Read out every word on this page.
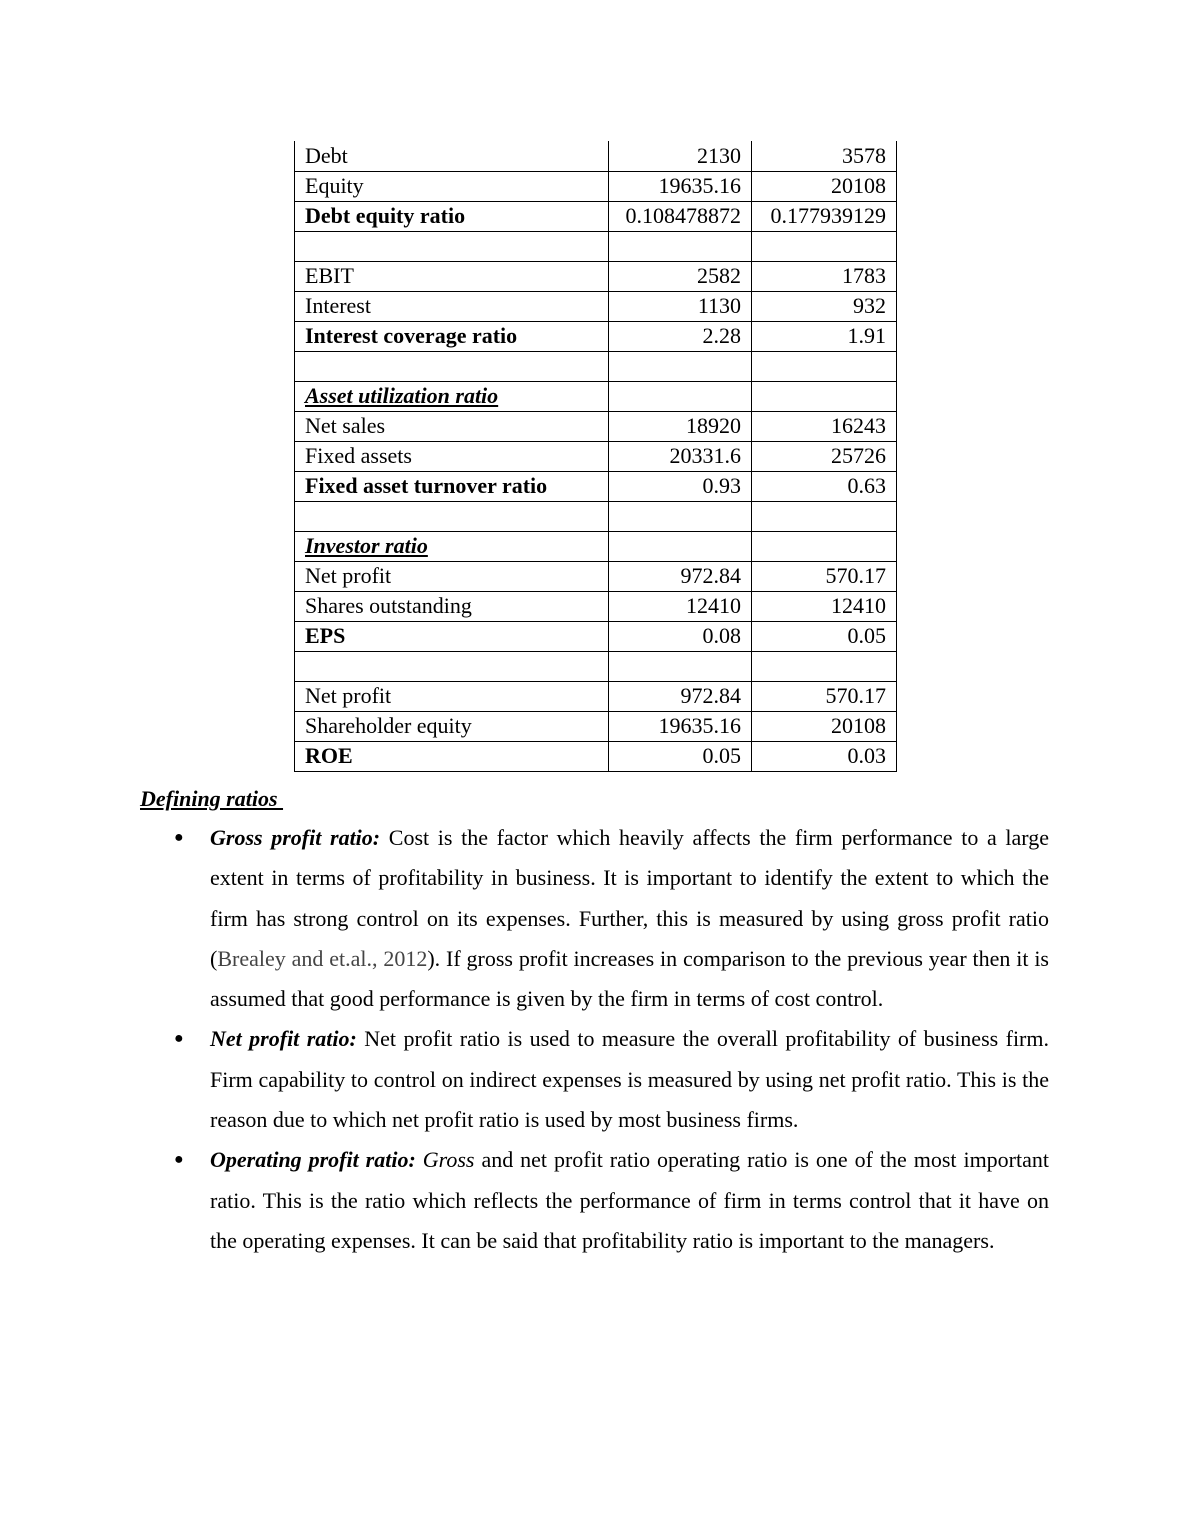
Debt	2130	3578
Equity	19635.16	20108
Debt equity ratio	0.108478872	0.177939129

EBIT	2582	1783
Interest	1130	932
Interest coverage ratio	2.28	1.91

Asset utilization ratio		
Net sales	18920	16243
Fixed assets	20331.6	25726
Fixed asset turnover ratio	0.93	0.63

Investor ratio		
Net profit	972.84	570.17
Shares outstanding	12410	12410
EPS	0.08	0.05

Net profit	972.84	570.17
Shareholder equity	19635.16	20108
ROE	0.05	0.03
Defining ratios
● Gross profit ratio: Cost is the factor which heavily affects the firm performance to a large extent in terms of profitability in business. It is important to identify the extent to which the firm has strong control on its expenses. Further, this is measured by using gross profit ratio (Brealey and et.al., 2012). If gross profit increases in comparison to the previous year then it is assumed that good performance is given by the firm in terms of cost control.
● Net profit ratio: Net profit ratio is used to measure the overall profitability of business firm. Firm capability to control on indirect expenses is measured by using net profit ratio. This is the reason due to which net profit ratio is used by most business firms.
● Operating profit ratio: Gross and net profit ratio operating ratio is one of the most important ratio. This is the ratio which reflects the performance of firm in terms control that it have on the operating expenses. It can be said that profitability ratio is important to the managers.
